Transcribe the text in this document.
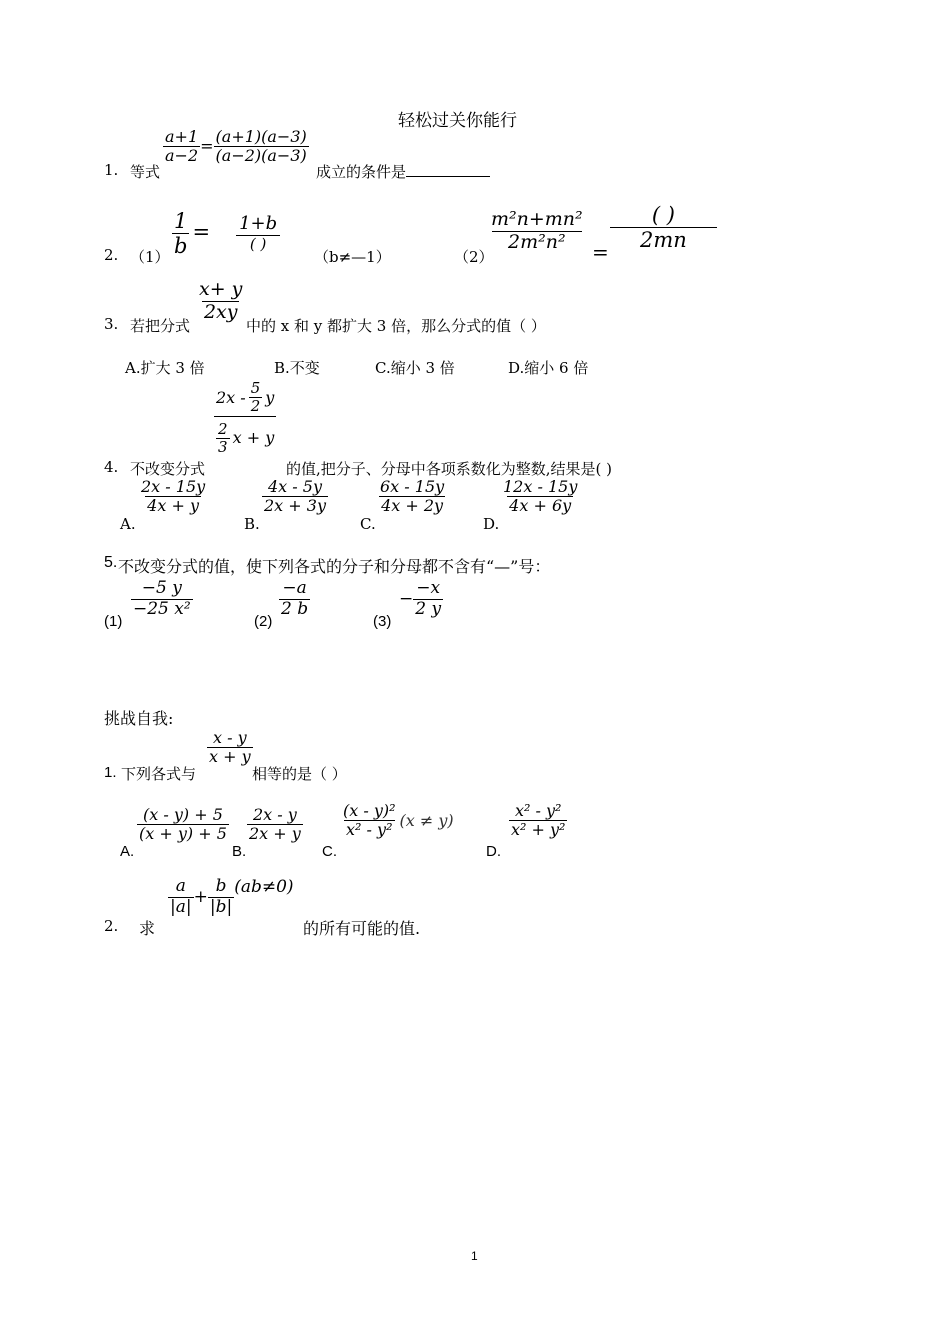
轻松过关你能行
1. 等式
$\frac{a+1}{a-2} = \frac{(a+1)(a-3)}{(a-2)(a-3)}$
成立的条件是
2. $(1) \frac{1}{b} = \frac{1+b}{( )}$
（b≠—1）	（2）
$\frac{\text{m²n+mn²}}{\text{2m²n²}} = \frac{( )}{2mn}$
3. 若把分式
$\frac{x+ y}{2xy}$
中的 x 和 y 都扩大 3 倍，那么分式的值（ ）
A.扩大 3 倍	B.不变	C.缩小 3 倍	D.缩小 6 倍
4. 不改变分式
$\frac{2x - \frac{5}{2} y}{\frac{2}{3} x + y}$
的值,把分子、分母中各项系数化为整数,结果是( )
A.
$\frac{2x - 15y}{4x + y}$
B.
$\frac{4x - 5y}{2x + 3y}$
C.
$\frac{6x - 15y}{4x + 2y}$
D.
$\frac{12x - 15y}{4x + 6y}$
5. 不改变分式的值，使下列各式的分子和分母都不含有“—”号：
(1)
$\frac{-5 y}{\text{−25 x²}}$
(2)
$\frac{-a}{2 b}$
(3)
− $\frac{-x}{2 y}$
挑战自我:
1. 下列各式与
$\frac{x - y}{x + y}$
相等的是（ ）
A.
$\frac{(x - y) + 5}{(x + y) + 5}$
B.
$\frac{2x - y}{2x + y}$
C.
$\frac{\text{(x - y)²}}{\text{x² - y²}} (x \ne y)$
D.
$\frac{\text{x² - y²}}{\text{x² + y²}}$
2. 求
$\frac{a}{|a|} + \frac{b}{|b|} (ab\ne 0)$
的所有可能的值.
1
